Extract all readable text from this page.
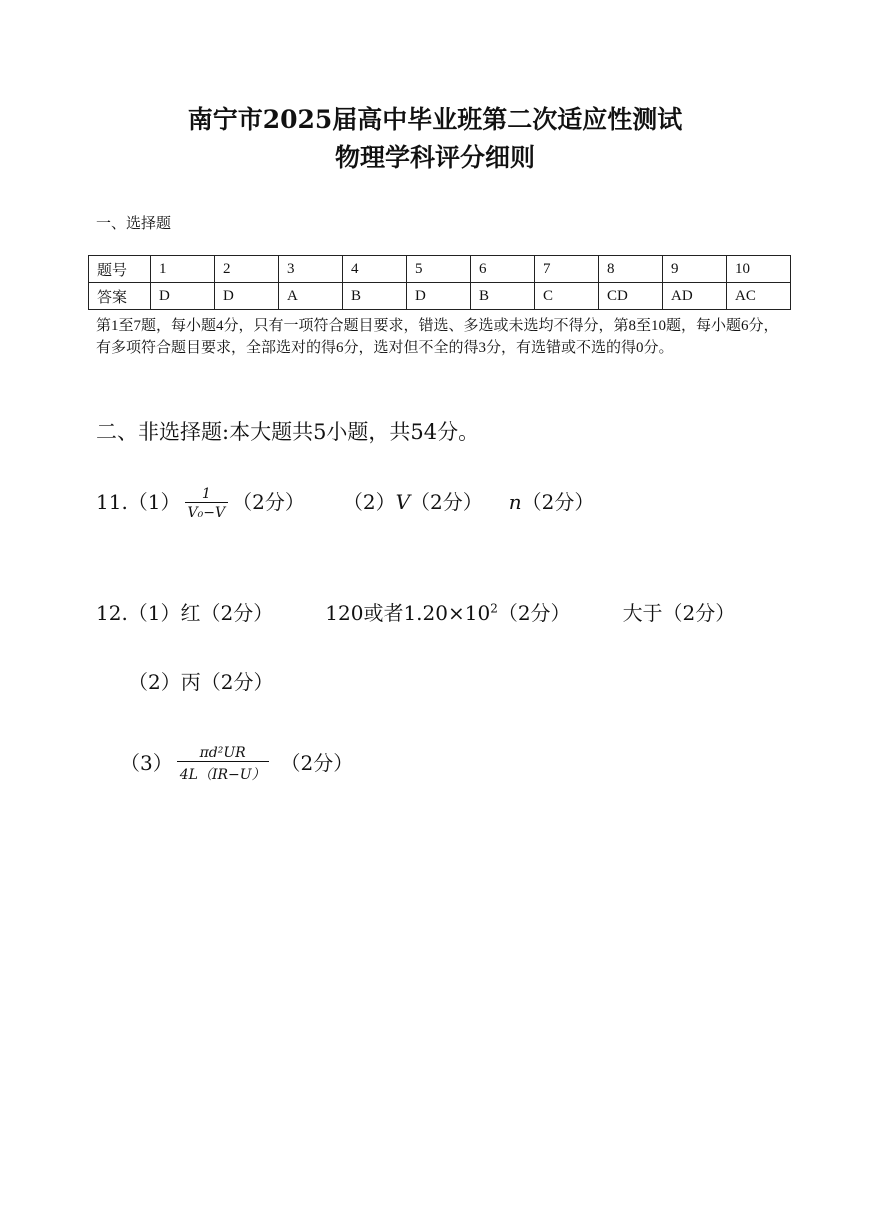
南宁市2025届高中毕业班第二次适应性测试
物理学科评分细则
一、选择题
题号	1	2	3	4	5	6	7	8	9	10
答案	D	D	A	B	D	B	C	CD	AD	AC
第1至7题，每小题4分，只有一项符合题目要求，错选、多选或未选均不得分，第8至10题，每小题6分，有多项符合题目要求，全部选对的得6分，选对但不全的得3分，有选错或不选的得0分。
二、非选择题:本大题共5小题，共54分。
$11.(1) \frac{1}{\text{V₀−V}} (2$分） （2）V（2分） n（2分）
12.（1）红（2分）	120或者$1.20\times 10^2(2$分）	大于（2分）
（2）丙（2分）
$(3) \frac{\text{πd²UR}}{4L(IR-U)} (2$分）
